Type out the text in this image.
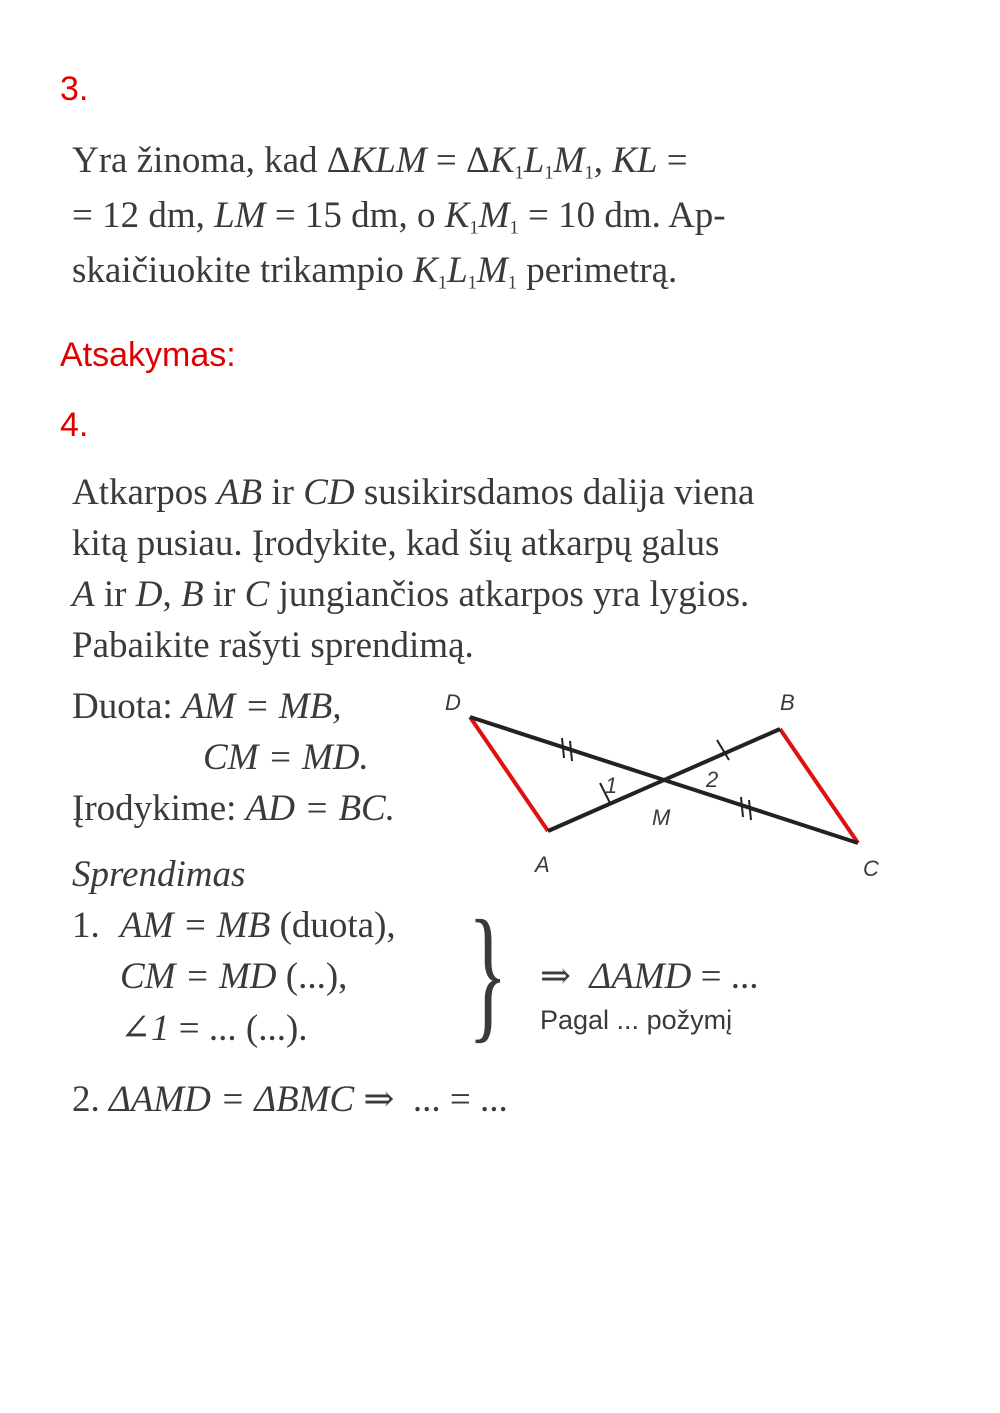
3.
Yra žinoma, kad $\Delta KLM = \Delta K_1L_1M_1$, KL =
= 12 dm, LM = 15 dm, o $K_1M_1 = 10$ dm. Ap-
skaičiuokite trikampio $K_1L_1M_1$ perimetrą.
Atsakymas:
4.
Atkarpos AB ir CD susikirsdamos dalija viena
kitą pusiau. Įrodykite, kad šių atkarpų galus
A ir D, B ir C jungiančios atkarpos yra lygios.
Pabaikite rašyti sprendimą.
Duota: AM = MB,
CM = MD.
Įrodykime: AD = BC.
D	B
A	C
M
1	2
Sprendimas
1. AM = MB (duota),
CM = MD (...),
∠1 = ... (...). } ⇒ ΔAMD = ...
Pagal ... požymį
2. ΔAMD = ΔBMC ⇒ ... = ...
